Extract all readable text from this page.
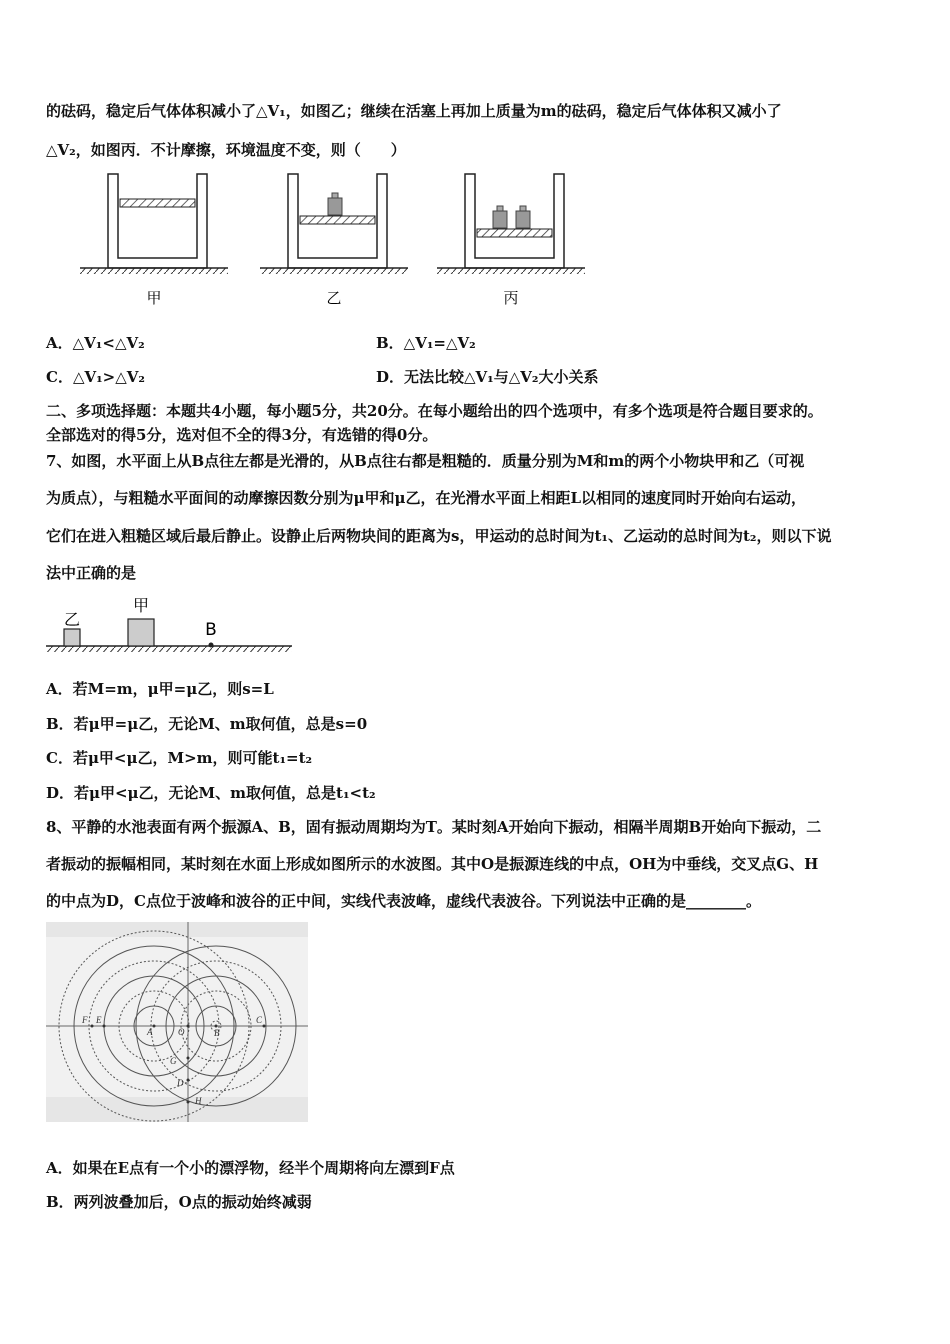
的砝码，稳定后气体体积减小了△V₁，如图乙；继续在活塞上再加上质量为m的砝码，稳定后气体体积又减小了
△V₂，如图丙．不计摩擦，环境温度不变，则（　　）
甲	乙	丙
A．△V₁<△V₂	B．△V₁=△V₂
C．△V₁>△V₂	D．无法比较△V₁与△V₂大小关系
二、多项选择题：本题共4小题，每小题5分，共20分。在每小题给出的四个选项中，有多个选项是符合题目要求的。
全部选对的得5分，选对但不全的得3分，有选错的得0分。
7、如图，水平面上从B点往左都是光滑的，从B点往右都是粗糙的．质量分别为M和m的两个小物块甲和乙（可视
为质点），与粗糙水平面间的动摩擦因数分别为μ甲和μ乙，在光滑水平面上相距L以相同的速度同时开始向右运动，
它们在进入粗糙区域后最后静止。设静止后两物块间的距离为s，甲运动的总时间为t₁、乙运动的总时间为t₂，则以下说
法中正确的是
乙
甲
B
A．若M=m，μ甲=μ乙，则s=L
B．若μ甲=μ乙，无论M、m取何值，总是s=0
C．若μ甲<μ乙，M>m，则可能t₁=t₂
D．若μ甲<μ乙，无论M、m取何值，总是t₁<t₂
8、平静的水池表面有两个振源A、B，固有振动周期均为T。某时刻A开始向下振动，相隔半周期B开始向下振动，二
者振动的振幅相同，某时刻在水面上形成如图所示的水波图。其中O是振源连线的中点，OH为中垂线，交叉点G、H
的中点为D，C点位于波峰和波谷的正中间，实线代表波峰，虚线代表波谷。下列说法中正确的是________。
F E
A	O	B
C
G
D
H
A．如果在E点有一个小的漂浮物，经半个周期将向左漂到F点
B．两列波叠加后，O点的振动始终减弱
